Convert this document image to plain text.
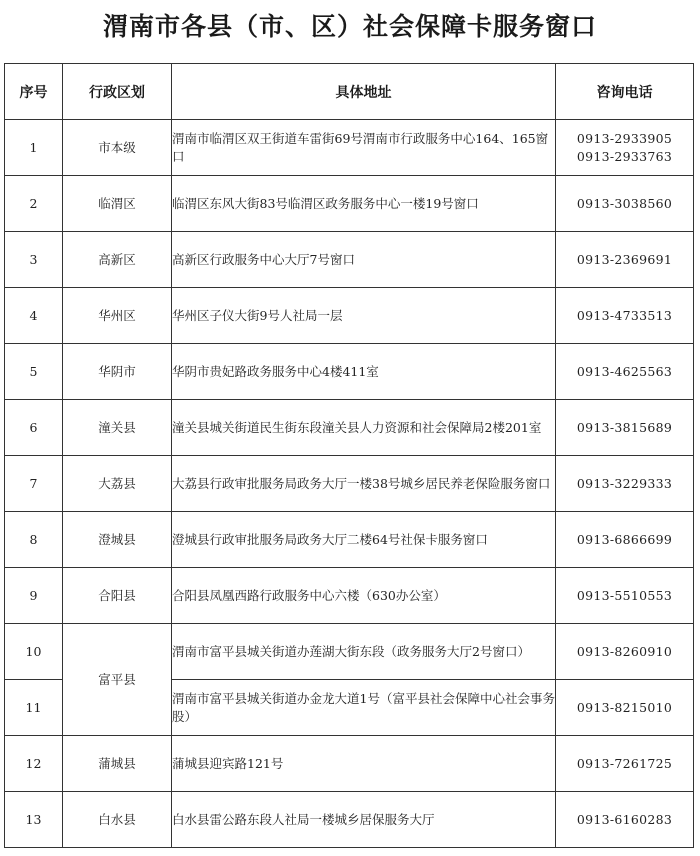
渭南市各县（市、区）社会保障卡服务窗口
序号	行政区划	具体地址	咨询电话
1	市本级	渭南市临渭区双王街道车雷街69号渭南市行政服务中心164、165窗口	0913-2933905
0913-2933763

2	临渭区	临渭区东风大街83号临渭区政务服务中心一楼19号窗口	0913-3038560

3	高新区	高新区行政服务中心大厅7号窗口	0913-2369691

4	华州区	华州区子仪大街9号人社局一层	0913-4733513

5	华阴市	华阴市贵妃路政务服务中心4楼411室	0913-4625563

6	潼关县	潼关县城关街道民生街东段潼关县人力资源和社会保障局2楼201室	0913-3815689

7	大荔县	大荔县行政审批服务局政务大厅一楼38号城乡居民养老保险服务窗口	0913-3229333

8	澄城县	澄城县行政审批服务局政务大厅二楼64号社保卡服务窗口	0913-6866699

9	合阳县	合阳县凤凰西路行政服务中心六楼（630办公室）	0913-5510553

10	富平县	渭南市富平县城关街道办莲湖大街东段（政务服务大厅2号窗口）	0913-8260910

11		渭南市富平县城关街道办金龙大道1号（富平县社会保障中心社会事务股）	0913-8215010

12	蒲城县	蒲城县迎宾路121号	0913-7261725

13	白水县	白水县雷公路东段人社局一楼城乡居保服务大厅	0913-6160283
